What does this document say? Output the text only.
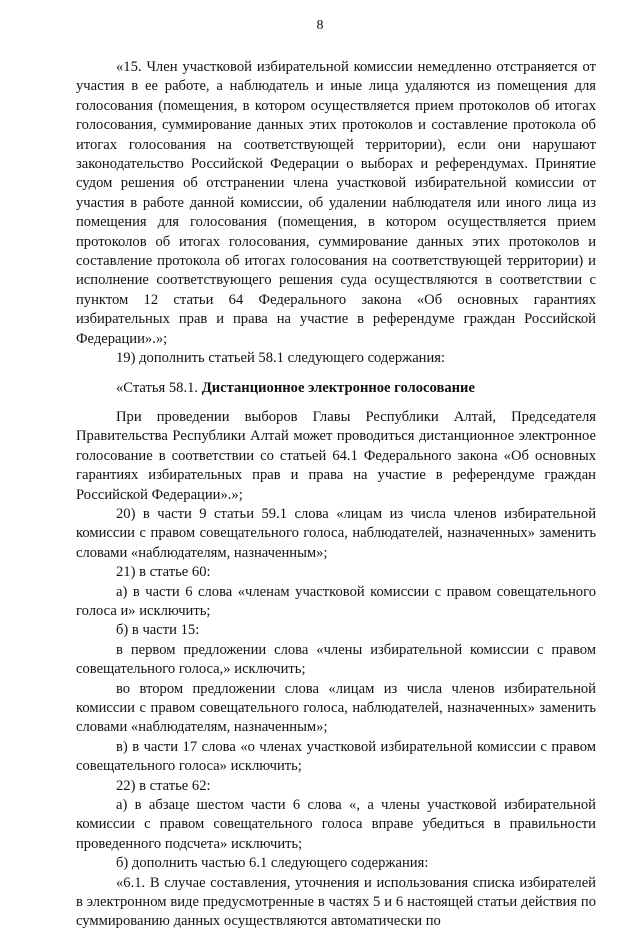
8

«15. Член участковой избирательной комиссии немедленно отстраняется от участия в ее работе, а наблюдатель и иные лица удаляются из помещения для голосования (помещения, в котором осуществляется прием протоколов об итогах голосования, суммирование данных этих протоколов и составление протокола об итогах голосования на соответствующей территории), если они нарушают законодательство Российской Федерации о выборах и референдумах. Принятие судом решения об отстранении члена участковой избирательной комиссии от участия в работе данной комиссии, об удалении наблюдателя или иного лица из помещения для голосования (помещения, в котором осуществляется прием протоколов об итогах голосования, суммирование данных этих протоколов и составление протокола об итогах голосования на соответствующей территории) и исполнение соответствующего решения суда осуществляются в соответствии с пунктом 12 статьи 64 Федерального закона «Об основных гарантиях избирательных прав и права на участие в референдуме граждан Российской Федерации».»;

19) дополнить статьей 58.1 следующего содержания:

«Статья 58.1. Дистанционное электронное голосование

При проведении выборов Главы Республики Алтай, Председателя Правительства Республики Алтай может проводиться дистанционное электронное голосование в соответствии со статьей 64.1 Федерального закона «Об основных гарантиях избирательных прав и права на участие в референдуме граждан Российской Федерации».»;

20) в части 9 статьи 59.1 слова «лицам из числа членов избирательной комиссии с правом совещательного голоса, наблюдателей, назначенных» заменить словами «наблюдателям, назначенным»;

21) в статье 60:

а) в части 6 слова «членам участковой комиссии с правом совещательного голоса и» исключить;

б) в части 15:

в первом предложении слова «члены избирательной комиссии с правом совещательного голоса,» исключить;

во втором предложении слова «лицам из числа членов избирательной комиссии с правом совещательного голоса, наблюдателей, назначенных» заменить словами «наблюдателям, назначенным»;

в) в части 17 слова «о членах участковой избирательной комиссии с правом совещательного голоса» исключить;

22) в статье 62:

а) в абзаце шестом части 6 слова «, а члены участковой избирательной комиссии с правом совещательного голоса вправе убедиться в правильности проведенного подсчета» исключить;

б) дополнить частью 6.1 следующего содержания:

«6.1. В случае составления, уточнения и использования списка избирателей в электронном виде предусмотренные в частях 5 и 6 настоящей статьи действия по суммированию данных осуществляются автоматически по
